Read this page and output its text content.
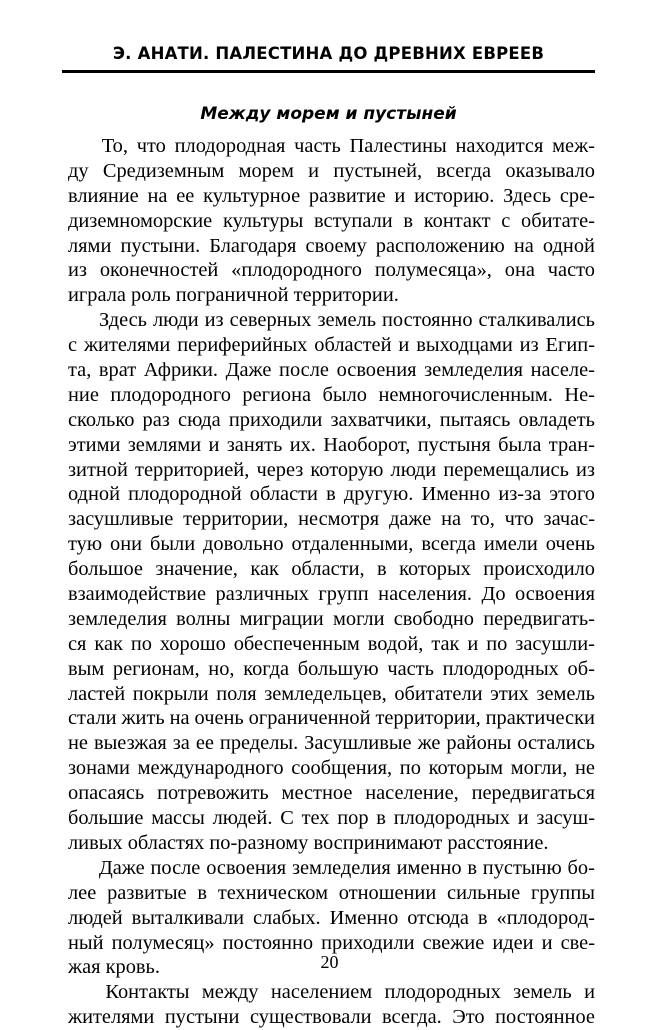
Э. АНАТИ. ПАЛЕСТИНА ДО ДРЕВНИХ ЕВРЕЕВ
Между морем и пустыней

То, что плодородная часть Палестины находится меж-
ду Средиземным морем и пустыней, всегда оказывало
влияние на ее культурное развитие и историю. Здесь сре-
диземноморские культуры вступали в контакт с обитате-
лями пустыни. Благодаря своему расположению на одной
из оконечностей «плодородного полумесяца», она часто
играла роль пограничной территории.

Здесь люди из северных земель постоянно сталкивались
с жителями периферийных областей и выходцами из Егип-
та, врат Африки. Даже после освоения земледелия населе-
ние плодородного региона было немногочисленным. Не-
сколько раз сюда приходили захватчики, пытаясь овладеть
этими землями и занять их. Наоборот, пустыня была тран-
зитной территорией, через которую люди перемещались из
одной плодородной области в другую. Именно из-за этого
засушливые территории, несмотря даже на то, что зачас-
тую они были довольно отдаленными, всегда имели очень
большое значение, как области, в которых происходило
взаимодействие различных групп населения. До освоения
земледелия волны миграции могли свободно передвигать-
ся как по хорошо обеспеченным водой, так и по засушли-
вым регионам, но, когда большую часть плодородных об-
ластей покрыли поля земледельцев, обитатели этих земель
стали жить на очень ограниченной территории, практически
не выезжая за ее пределы. Засушливые же районы остались
зонами международного сообщения, по которым могли, не
опасаясь потревожить местное население, передвигаться
большие массы людей. С тех пор в плодородных и засуш-
ливых областях по-разному воспринимают расстояние.

Даже после освоения земледелия именно в пустыню бо-
лее развитые в техническом отношении сильные группы
людей выталкивали слабых. Именно отсюда в «плодород-
ный полумесяц» постоянно приходили свежие идеи и све-
жая кровь.

Контакты между населением плодородных земель и
жителями пустыни существовали всегда. Это постоянное

20
